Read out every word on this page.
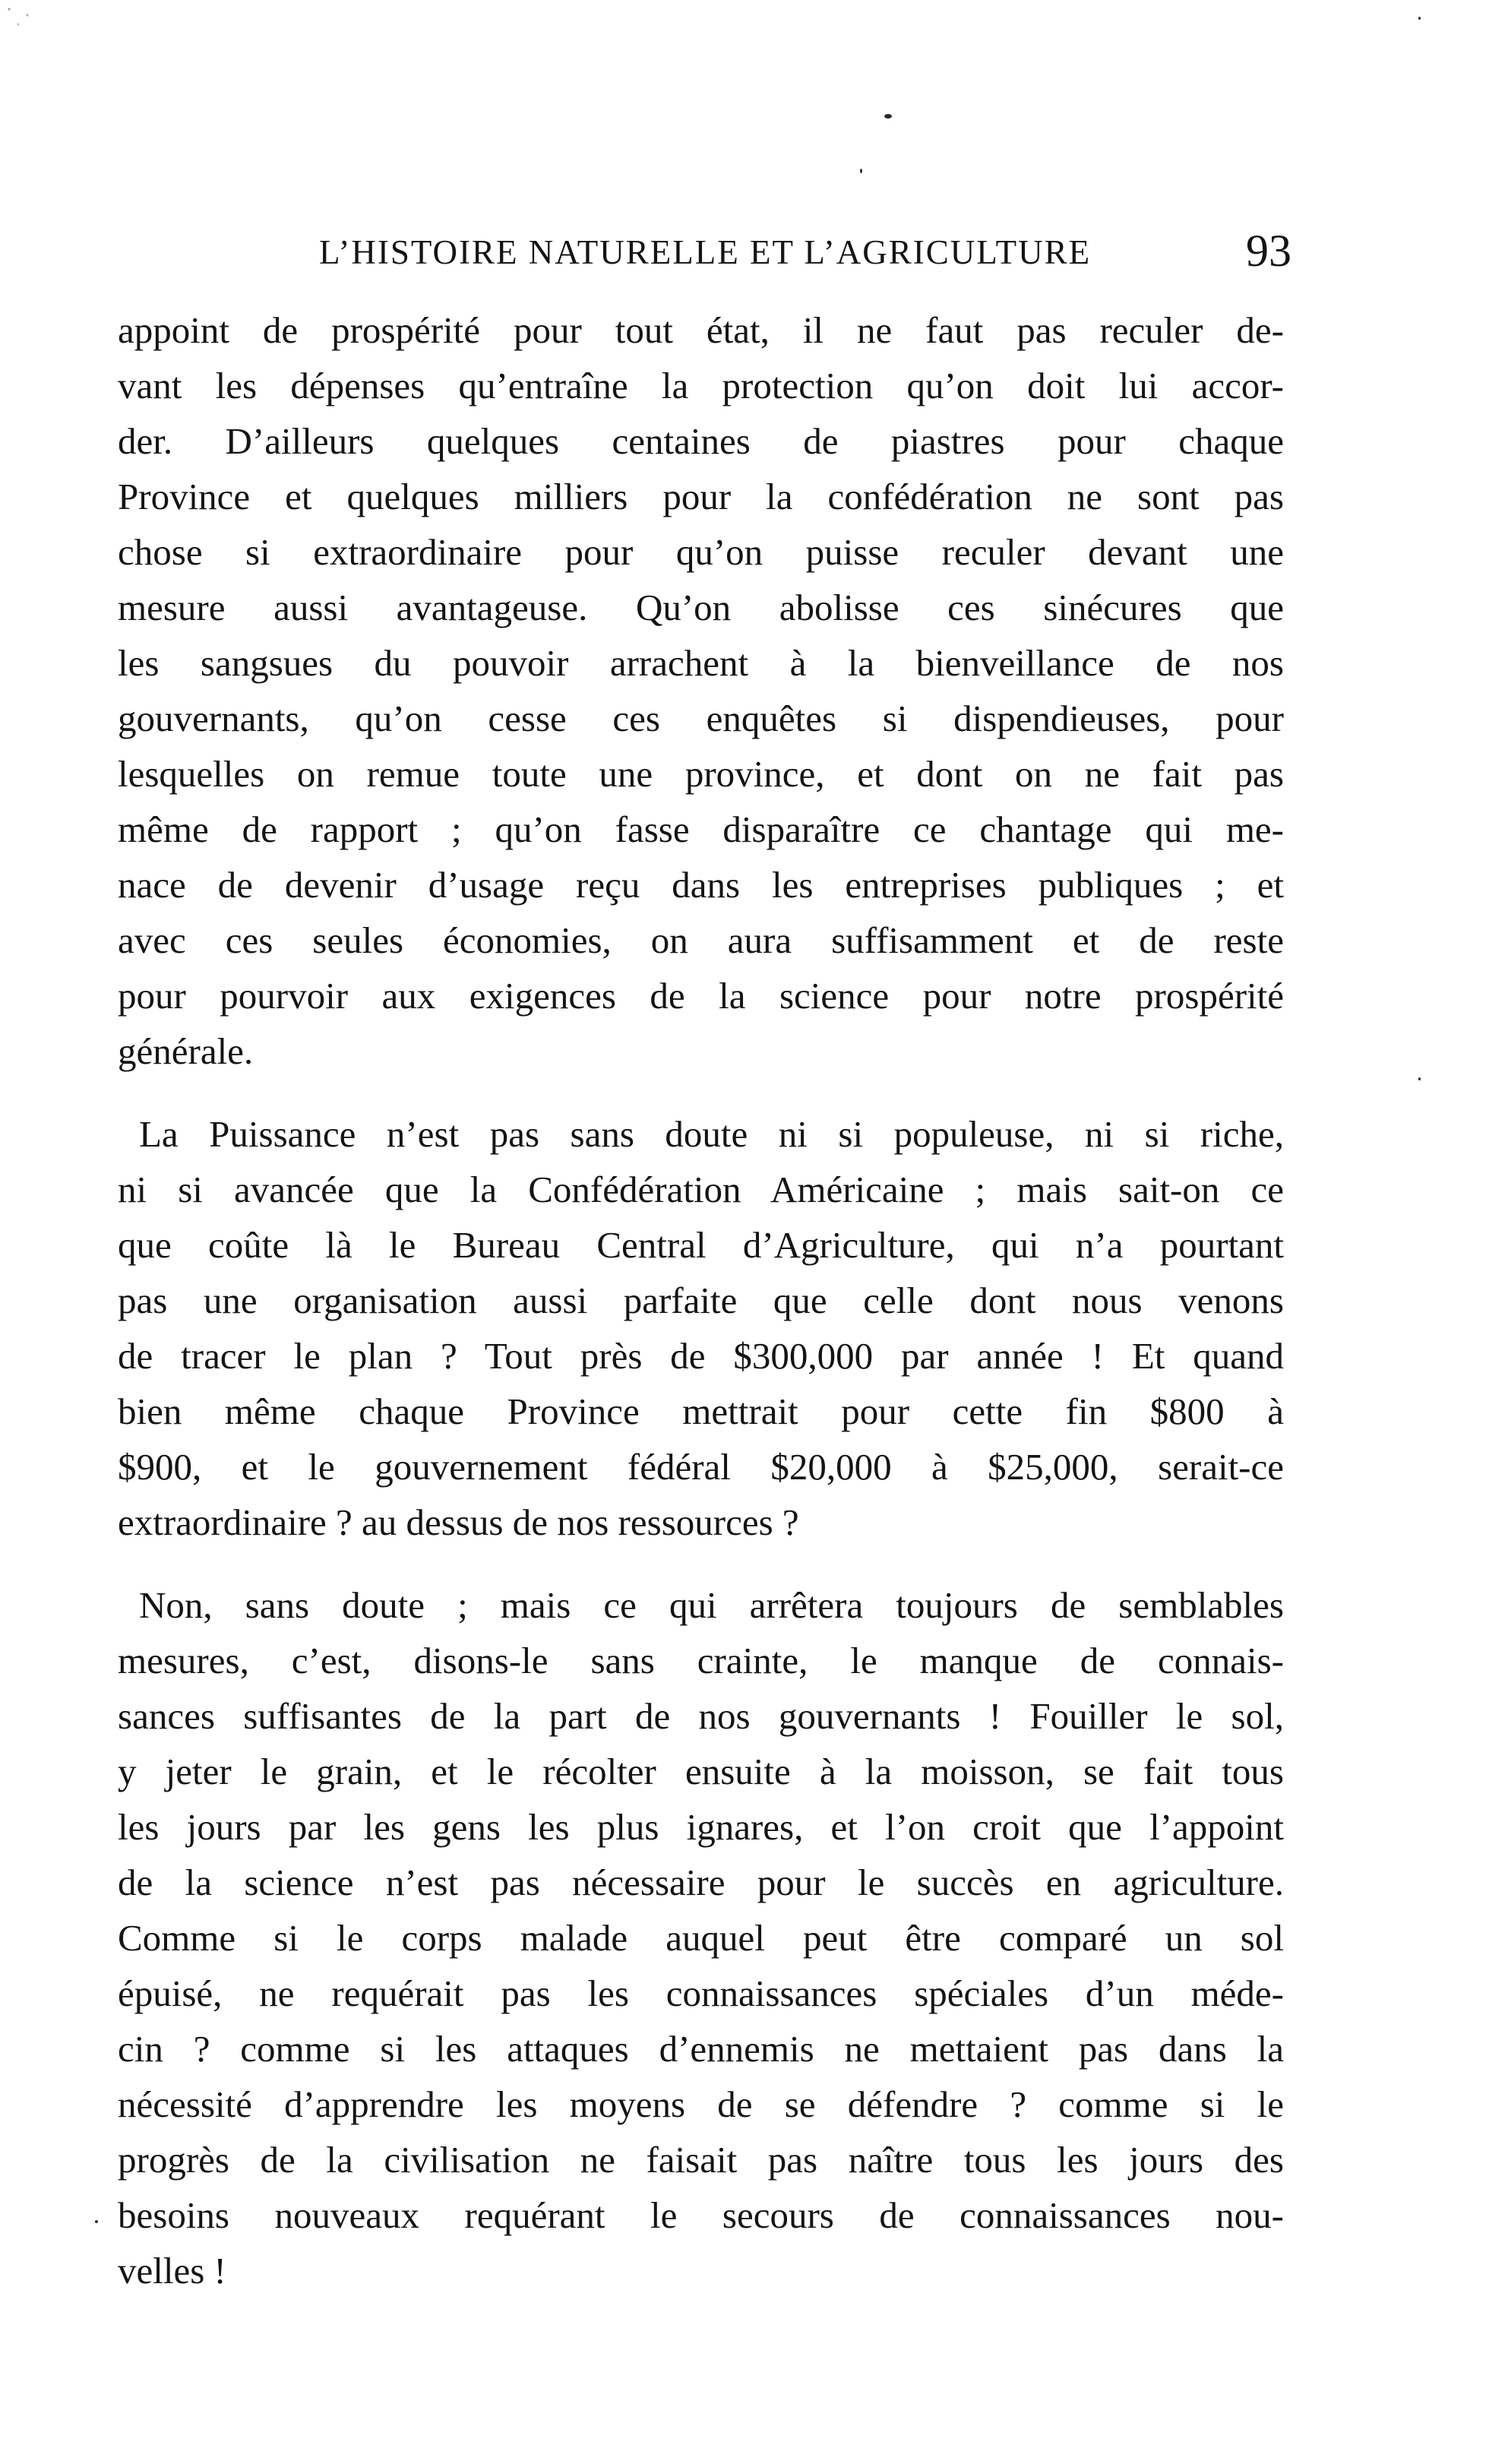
L’HISTOIRE NATURELLE ET L’AGRICULTURE	93
appoint de prospérité pour tout état, il ne faut pas reculer de-
vant les dépenses qu’entraîne la protection qu’on doit lui accor-
der. D’ailleurs quelques centaines de piastres pour chaque
Province et quelques milliers pour la confédération ne sont pas
chose si extraordinaire pour qu’on puisse reculer devant une
mesure aussi avantageuse. Qu’on abolisse ces sinécures que
les sangsues du pouvoir arrachent à la bienveillance de nos
gouvernants, qu’on cesse ces enquêtes si dispendieuses, pour
lesquelles on remue toute une province, et dont on ne fait pas
même de rapport ; qu’on fasse disparaître ce chantage qui me-
nace de devenir d’usage reçu dans les entreprises publiques ; et
avec ces seules économies, on aura suffisamment et de reste
pour pourvoir aux exigences de la science pour notre prospérité
générale.
La Puissance n’est pas sans doute ni si populeuse, ni si riche,
ni si avancée que la Confédération Américaine ; mais sait-on ce
que coûte là le Bureau Central d’Agriculture, qui n’a pourtant
pas une organisation aussi parfaite que celle dont nous venons
de tracer le plan ? Tout près de $300,000 par année ! Et quand
bien même chaque Province mettrait pour cette fin $800 à
$900, et le gouvernement fédéral $20,000 à $25,000, serait-ce
extraordinaire ? au dessus de nos ressources ?
Non, sans doute ; mais ce qui arrêtera toujours de semblables
mesures, c’est, disons-le sans crainte, le manque de connais-
sances suffisantes de la part de nos gouvernants ! Fouiller le sol,
y jeter le grain, et le récolter ensuite à la moisson, se fait tous
les jours par les gens les plus ignares, et l’on croit que l’appoint
de la science n’est pas nécessaire pour le succès en agriculture.
Comme si le corps malade auquel peut être comparé un sol
épuisé, ne requérait pas les connaissances spéciales d’un méde-
cin ? comme si les attaques d’ennemis ne mettaient pas dans la
nécessité d’apprendre les moyens de se défendre ? comme si le
progrès de la civilisation ne faisait pas naître tous les jours des
besoins nouveaux requérant le secours de connaissances nou-
velles !
